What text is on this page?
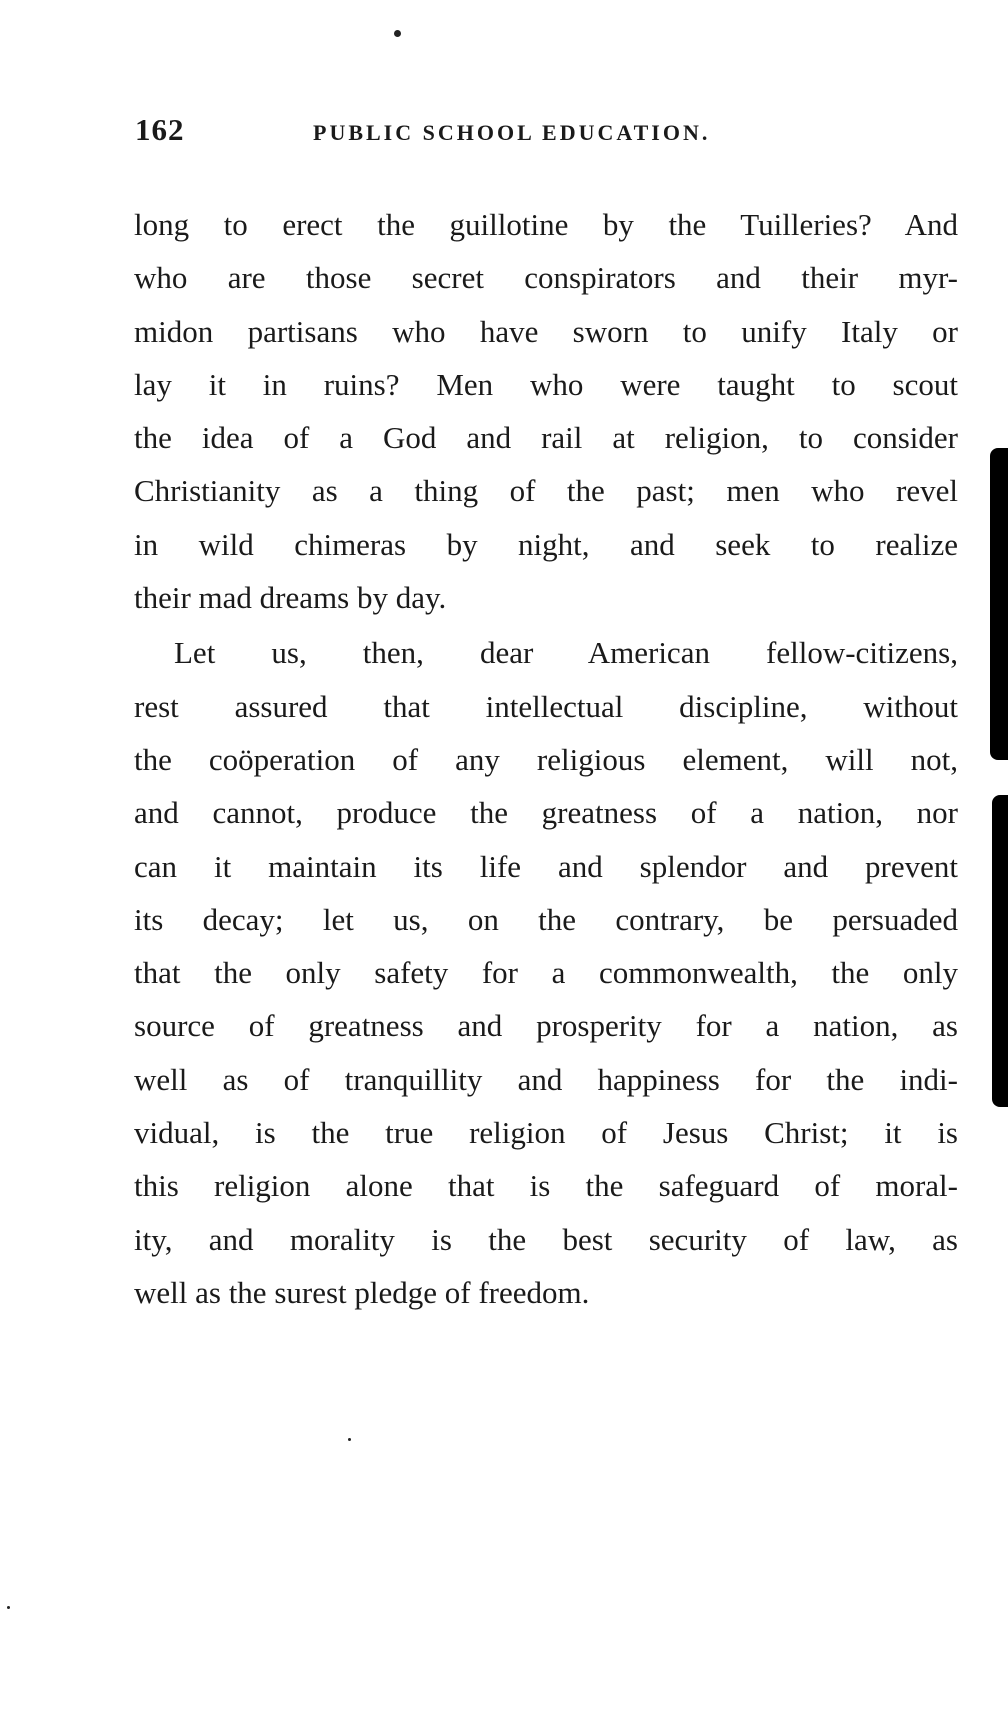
162	PUBLIC SCHOOL EDUCATION.

long to erect the guillotine by the Tuilleries? And
who are those secret conspirators and their myr-
midon partisans who have sworn to unify Italy or
lay it in ruins? Men who were taught to scout
the idea of a God and rail at religion, to consider
Christianity as a thing of the past; men who revel
in wild chimeras by night, and seek to realize
their mad dreams by day.

Let us, then, dear American fellow-citizens,
rest assured that intellectual discipline, without
the coöperation of any religious element, will not,
and cannot, produce the greatness of a nation, nor
can it maintain its life and splendor and prevent
its decay; let us, on the contrary, be persuaded
that the only safety for a commonwealth, the only
source of greatness and prosperity for a nation, as
well as of tranquillity and happiness for the indi-
vidual, is the true religion of Jesus Christ; it is
this religion alone that is the safeguard of moral-
ity, and morality is the best security of law, as
well as the surest pledge of freedom.
